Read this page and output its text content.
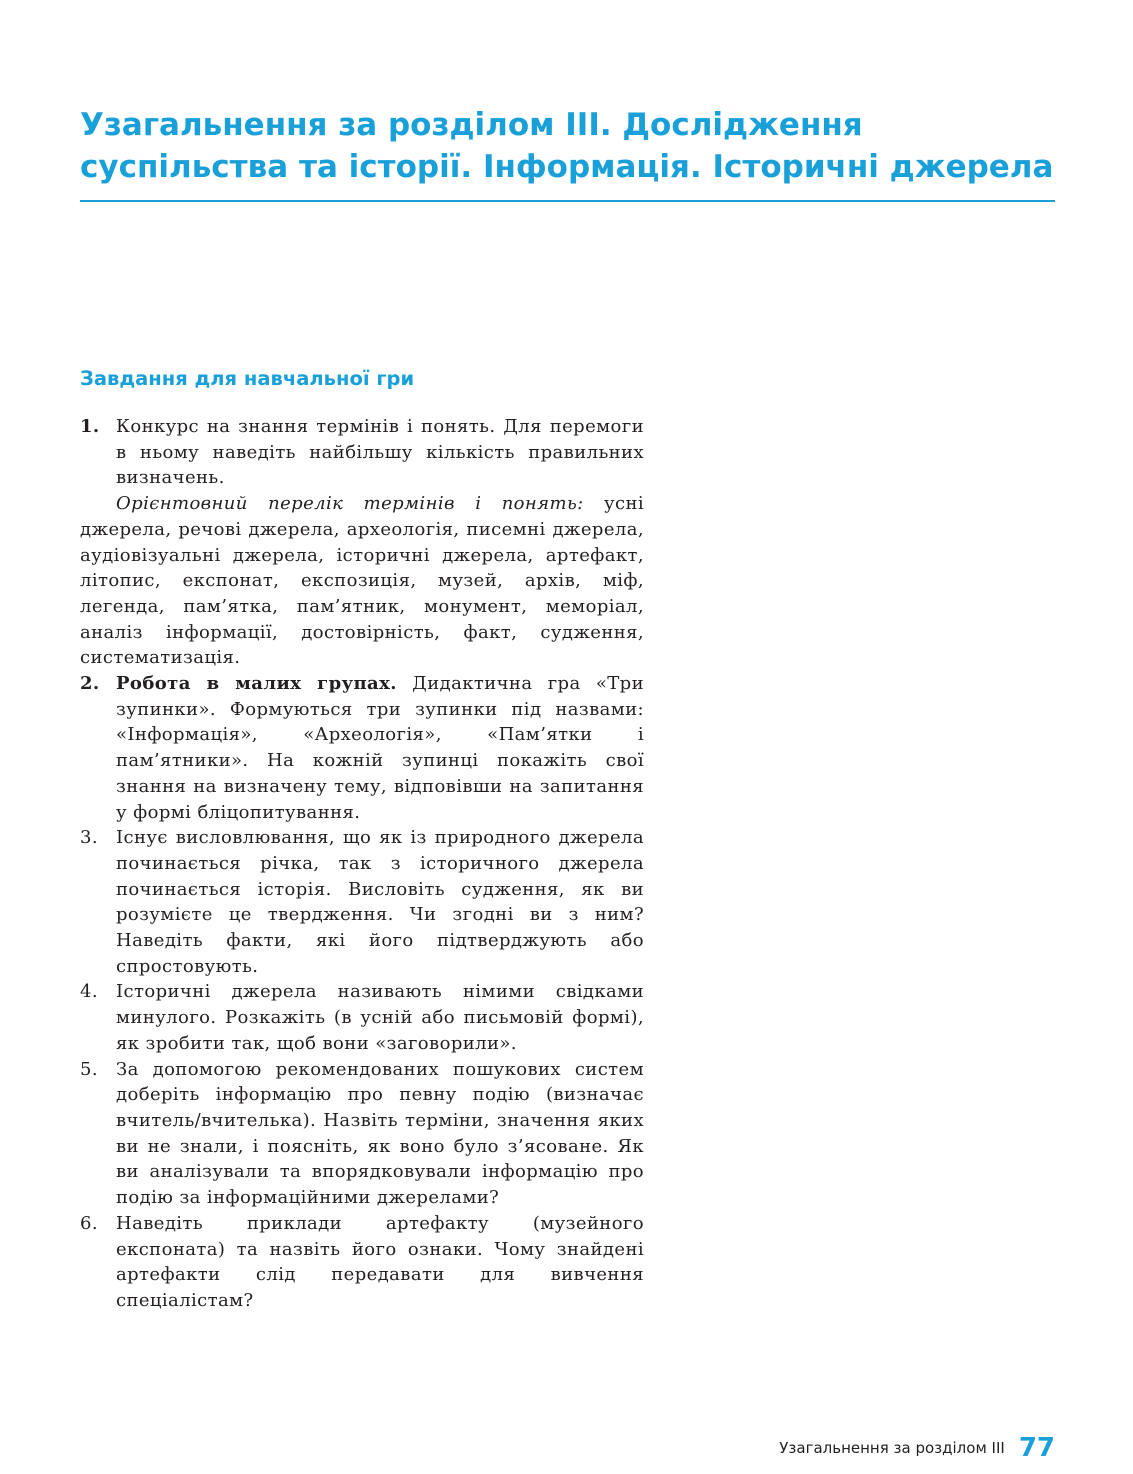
Узагальнення за розділом ІІІ. Дослідження суспільства та історії. Інформація. Історичні джерела
Завдання для навчальної гри
1. Конкурс на знання термінів і понять. Для перемоги в ньому наведіть найбільшу кількість правильних визначень.
Орієнтовний перелік термінів і понять: усні джерела, речові джерела, археологія, писемні джерела, аудіовізуальні джерела, історичні джерела, артефакт, літопис, експонат, експозиція, музей, архів, міф, легенда, пам’ятка, пам’ятник, монумент, меморіал, аналіз інформації, достовірність, факт, судження, систематизація.
2. Робота в малих групах. Дидактична гра «Три зупинки». Формуються три зупинки під назвами: «Інформація», «Археологія», «Пам’ятки і пам’ятники». На кожній зупинці покажіть свої знання на визначену тему, відповівши на запитання у формі бліцопитування.
3. Існує висловлювання, що як із природного джерела починається річка, так з історичного джерела починається історія. Висловіть судження, як ви розумієте це твердження. Чи згодні ви з ним? Наведіть факти, які його підтверджують або спростовують.
4. Історичні джерела називають німими свідками минулого. Розкажіть (в усній або письмовій формі), як зробити так, щоб вони «заговорили».
5. За допомогою рекомендованих пошукових систем доберіть інформацію про певну подію (визначає вчитель/вчителька). Назвіть терміни, значення яких ви не знали, і поясніть, як воно було з’ясоване. Як ви аналізували та впорядковували інформацію про подію за інформаційними джерелами?
6. Наведіть приклади артефакту (музейного експоната) та назвіть його ознаки. Чому знайдені артефакти слід передавати для вивчення спеціалістам?
Узагальнення за розділом ІІІ 77
